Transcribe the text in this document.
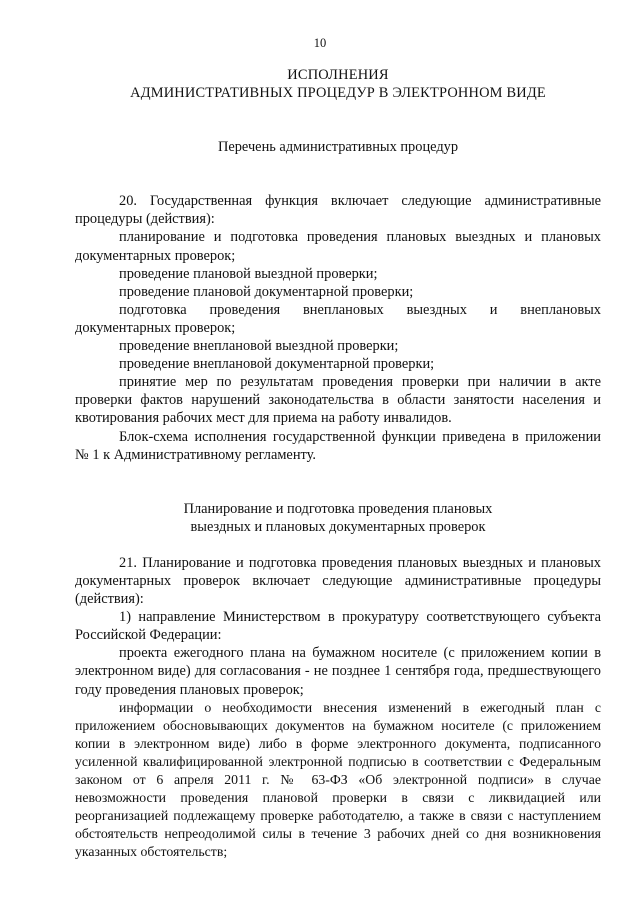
10

ИСПОЛНЕНИЯ

АДМИНИСТРАТИВНЫХ ПРОЦЕДУР В ЭЛЕКТРОННОМ ВИДЕ

Перечень административных процедур

20. Государственная функция включает следующие административные процедуры (действия):

планирование и подготовка проведения плановых выездных и плановых документарных проверок;

проведение плановой выездной проверки;

проведение плановой документарной проверки;

подготовка проведения внеплановых выездных и внеплановых документарных проверок;

проведение внеплановой выездной проверки;

проведение внеплановой документарной проверки;

принятие мер по результатам проведения проверки при наличии в акте проверки фактов нарушений законодательства в области занятости населения и квотирования рабочих мест для приема на работу инвалидов.

Блок-схема исполнения государственной функции приведена в приложении № 1 к Административному регламенту.

Планирование и подготовка проведения плановых

выездных и плановых документарных проверок

21. Планирование и подготовка проведения плановых выездных и плановых документарных проверок включает следующие административные процедуры (действия):

1) направление Министерством в прокуратуру соответствующего субъекта Российской Федерации:

проекта ежегодного плана на бумажном носителе (с приложением копии в электронном виде) для согласования - не позднее 1 сентября года, предшествующего году проведения плановых проверок;

информации о необходимости внесения изменений в ежегодный план с приложением обосновывающих документов на бумажном носителе (с приложением копии в электронном виде) либо в форме электронного документа, подписанного усиленной квалифицированной электронной подписью в соответствии с Федеральным законом от 6 апреля 2011 г. № 63-ФЗ «Об электронной подписи» в случае невозможности проведения плановой проверки в связи с ликвидацией или реорганизацией подлежащему проверке работодателю, а также в связи с наступлением обстоятельств непреодолимой силы в течение 3 рабочих дней со дня возникновения указанных обстоятельств;
